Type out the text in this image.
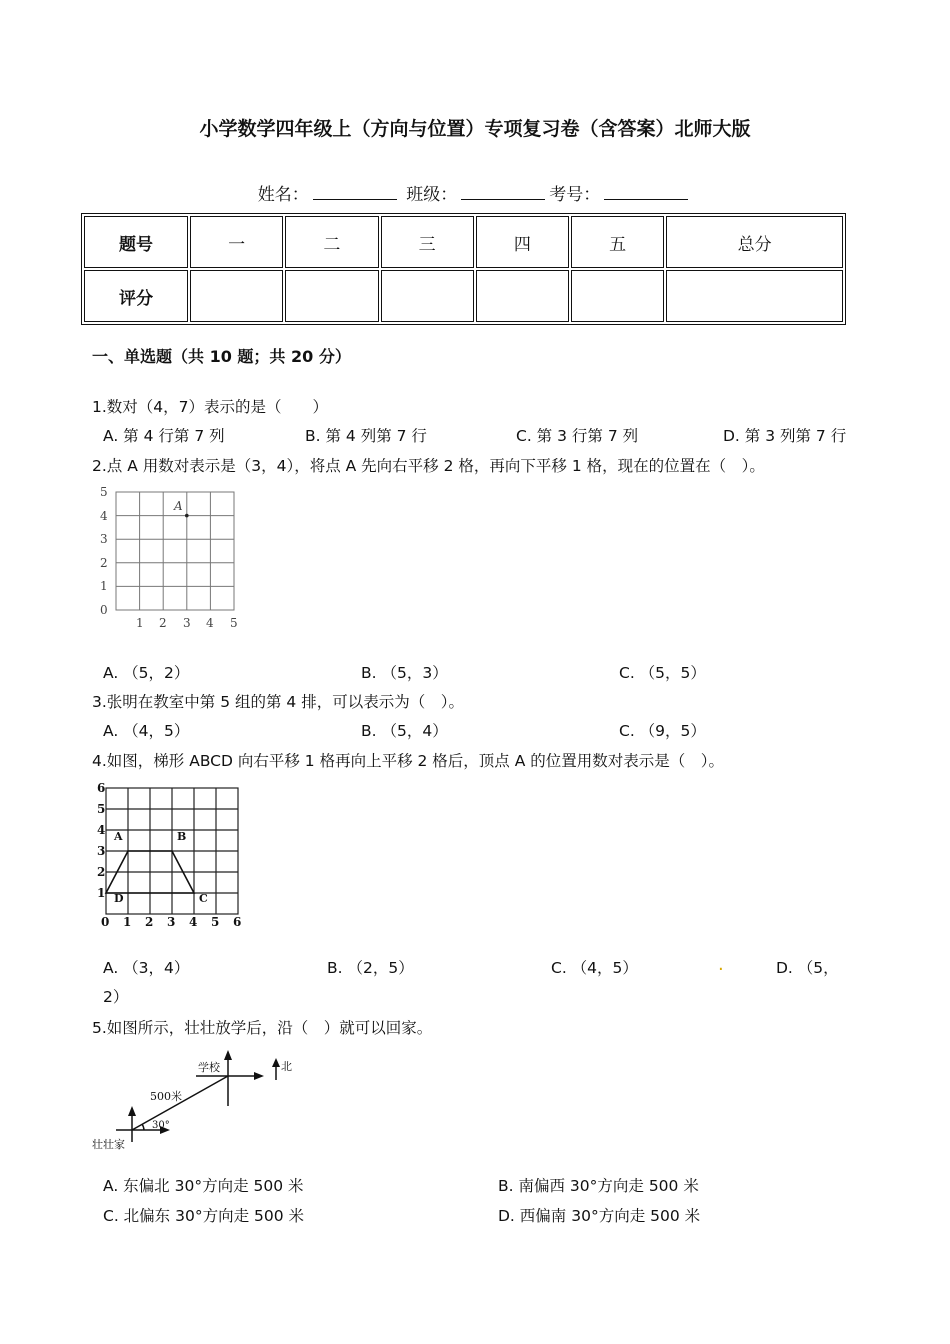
小学数学四年级上（方向与位置）专项复习卷（含答案）北师大版
姓名：	班级：	考号：
题号	一	二	三	四	五	总分
评分						
一、单选题（共 10 题；共 20 分）
1.数对（4，7）表示的是（　　）
A. 第 4 行第 7 列	B. 第 4 列第 7 行	C. 第 3 行第 7 列	D. 第 3 列第 7 行
2.点 A 用数对表示是（3，4），将点 A 先向右平移 2 格，再向下平移 1 格，现在的位置在（　）。
5
4
3
2
1
0
1 2 3 4 5
A
A. （5，2）	B. （5，3）	C. （5，5）
3.张明在教室中第 5 组的第 4 排，可以表示为（　）。
A. （4，5）	B. （5，4）	C. （9，5）
4.如图，梯形 ABCD 向右平移 1 格再向上平移 2 格后，顶点 A 的位置用数对表示是（　）。
A	B
C
D
6
5
4
3
2
1
0 1 2 3 4 5 6
A. （3，4）	B. （2，5）	C. （4，5）	.	D. （5，
2）
5.如图所示，壮壮放学后，沿（　）就可以回家。
学校	北
500米
30°
壮壮家
A. 东偏北 30°方向走 500 米	B. 南偏西 30°方向走 500 米
C. 北偏东 30°方向走 500 米	D. 西偏南 30°方向走 500 米
